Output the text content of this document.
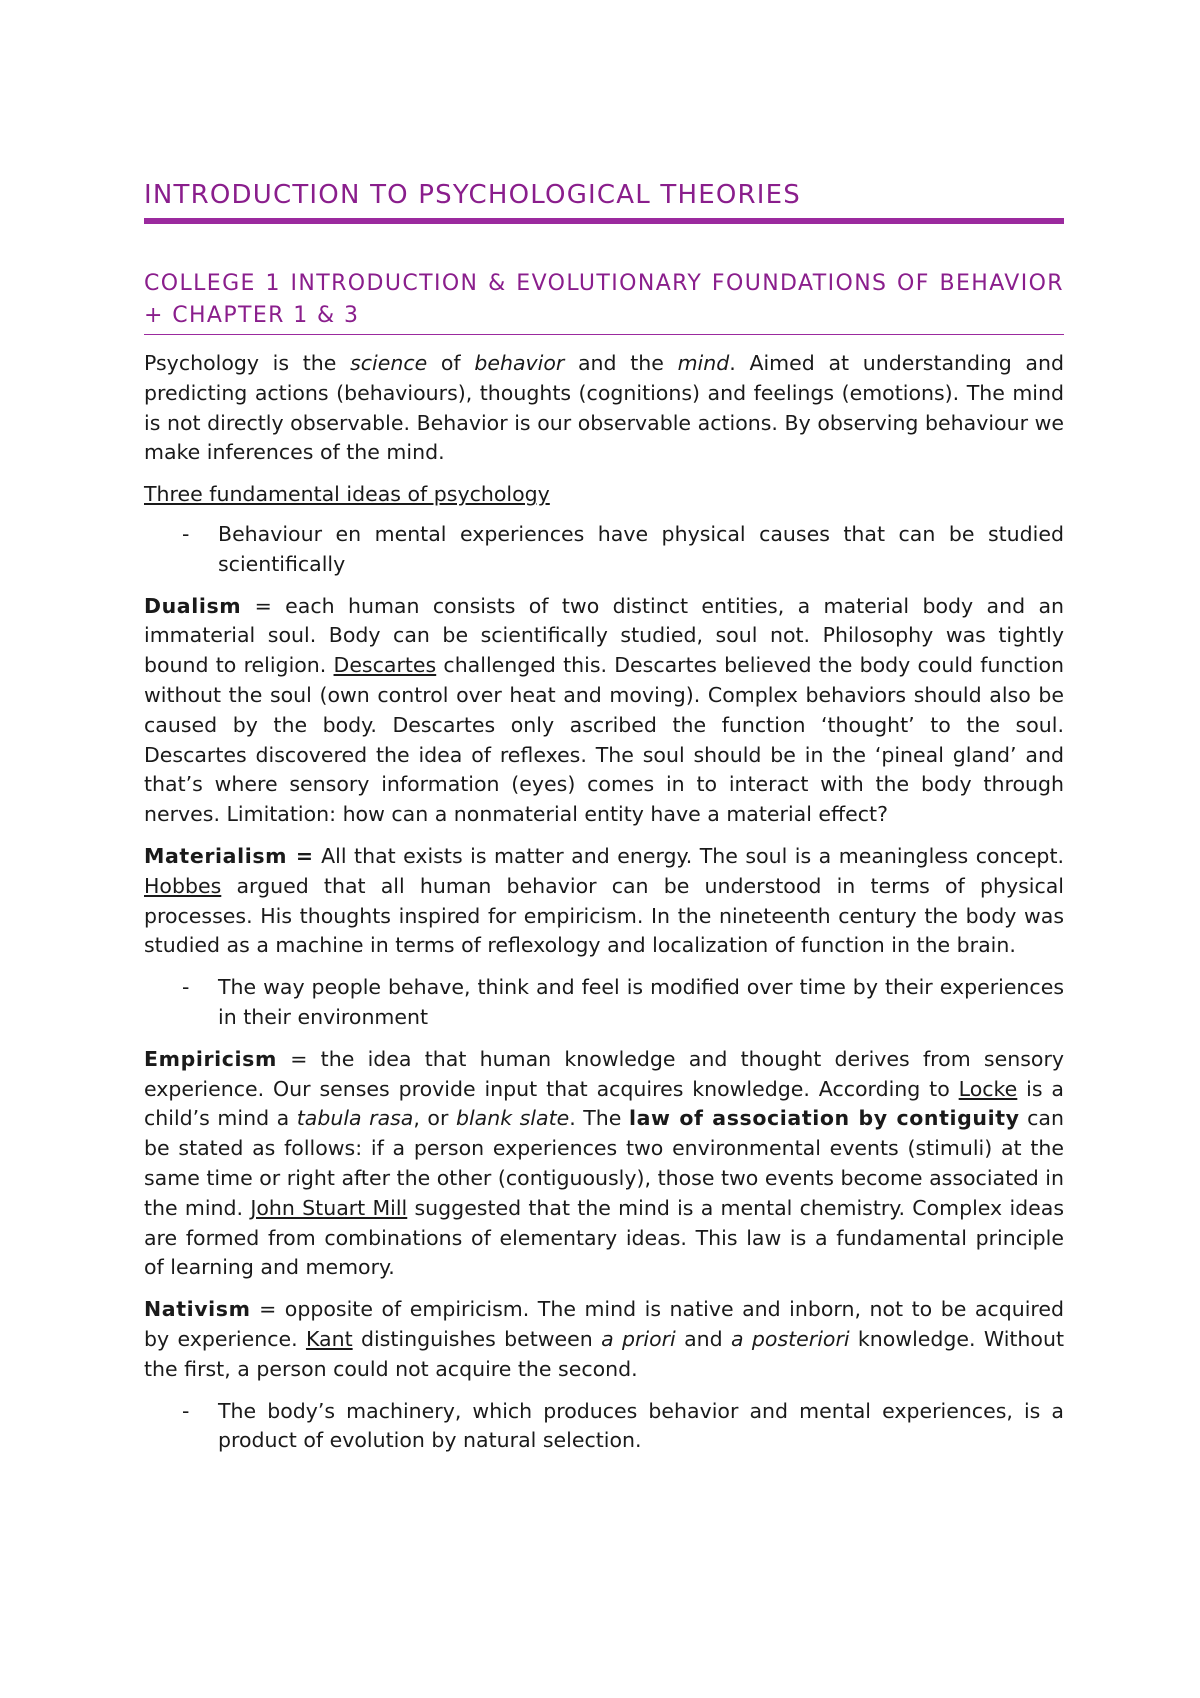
INTRODUCTION TO PSYCHOLOGICAL THEORIES
COLLEGE 1 INTRODUCTION & EVOLUTIONARY FOUNDATIONS OF BEHAVIOR + CHAPTER 1 & 3

Psychology is the science of behavior and the mind. Aimed at understanding and predicting actions (behaviours), thoughts (cognitions) and feelings (emotions). The mind is not directly observable. Behavior is our observable actions. By observing behaviour we make inferences of the mind.

Three fundamental ideas of psychology

- Behaviour en mental experiences have physical causes that can be studied scientifically

Dualism = each human consists of two distinct entities, a material body and an immaterial soul. Body can be scientifically studied, soul not. Philosophy was tightly bound to religion. Descartes challenged this. Descartes believed the body could function without the soul (own control over heat and moving). Complex behaviors should also be caused by the body. Descartes only ascribed the function ‘thought’ to the soul. Descartes discovered the idea of reflexes. The soul should be in the ‘pineal gland’ and that’s where sensory information (eyes) comes in to interact with the body through nerves. Limitation: how can a nonmaterial entity have a material effect?

Materialism = All that exists is matter and energy. The soul is a meaningless concept. Hobbes argued that all human behavior can be understood in terms of physical processes. His thoughts inspired for empiricism. In the nineteenth century the body was studied as a machine in terms of reflexology and localization of function in the brain.

- The way people behave, think and feel is modified over time by their experiences in their environment

Empiricism = the idea that human knowledge and thought derives from sensory experience. Our senses provide input that acquires knowledge. According to Locke is a child’s mind a tabula rasa, or blank slate. The law of association by contiguity can be stated as follows: if a person experiences two environmental events (stimuli) at the same time or right after the other (contiguously), those two events become associated in the mind. John Stuart Mill suggested that the mind is a mental chemistry. Complex ideas are formed from combinations of elementary ideas. This law is a fundamental principle of learning and memory.

Nativism = opposite of empiricism. The mind is native and inborn, not to be acquired by experience. Kant distinguishes between a priori and a posteriori knowledge. Without the first, a person could not acquire the second.

- The body’s machinery, which produces behavior and mental experiences, is a product of evolution by natural selection.
